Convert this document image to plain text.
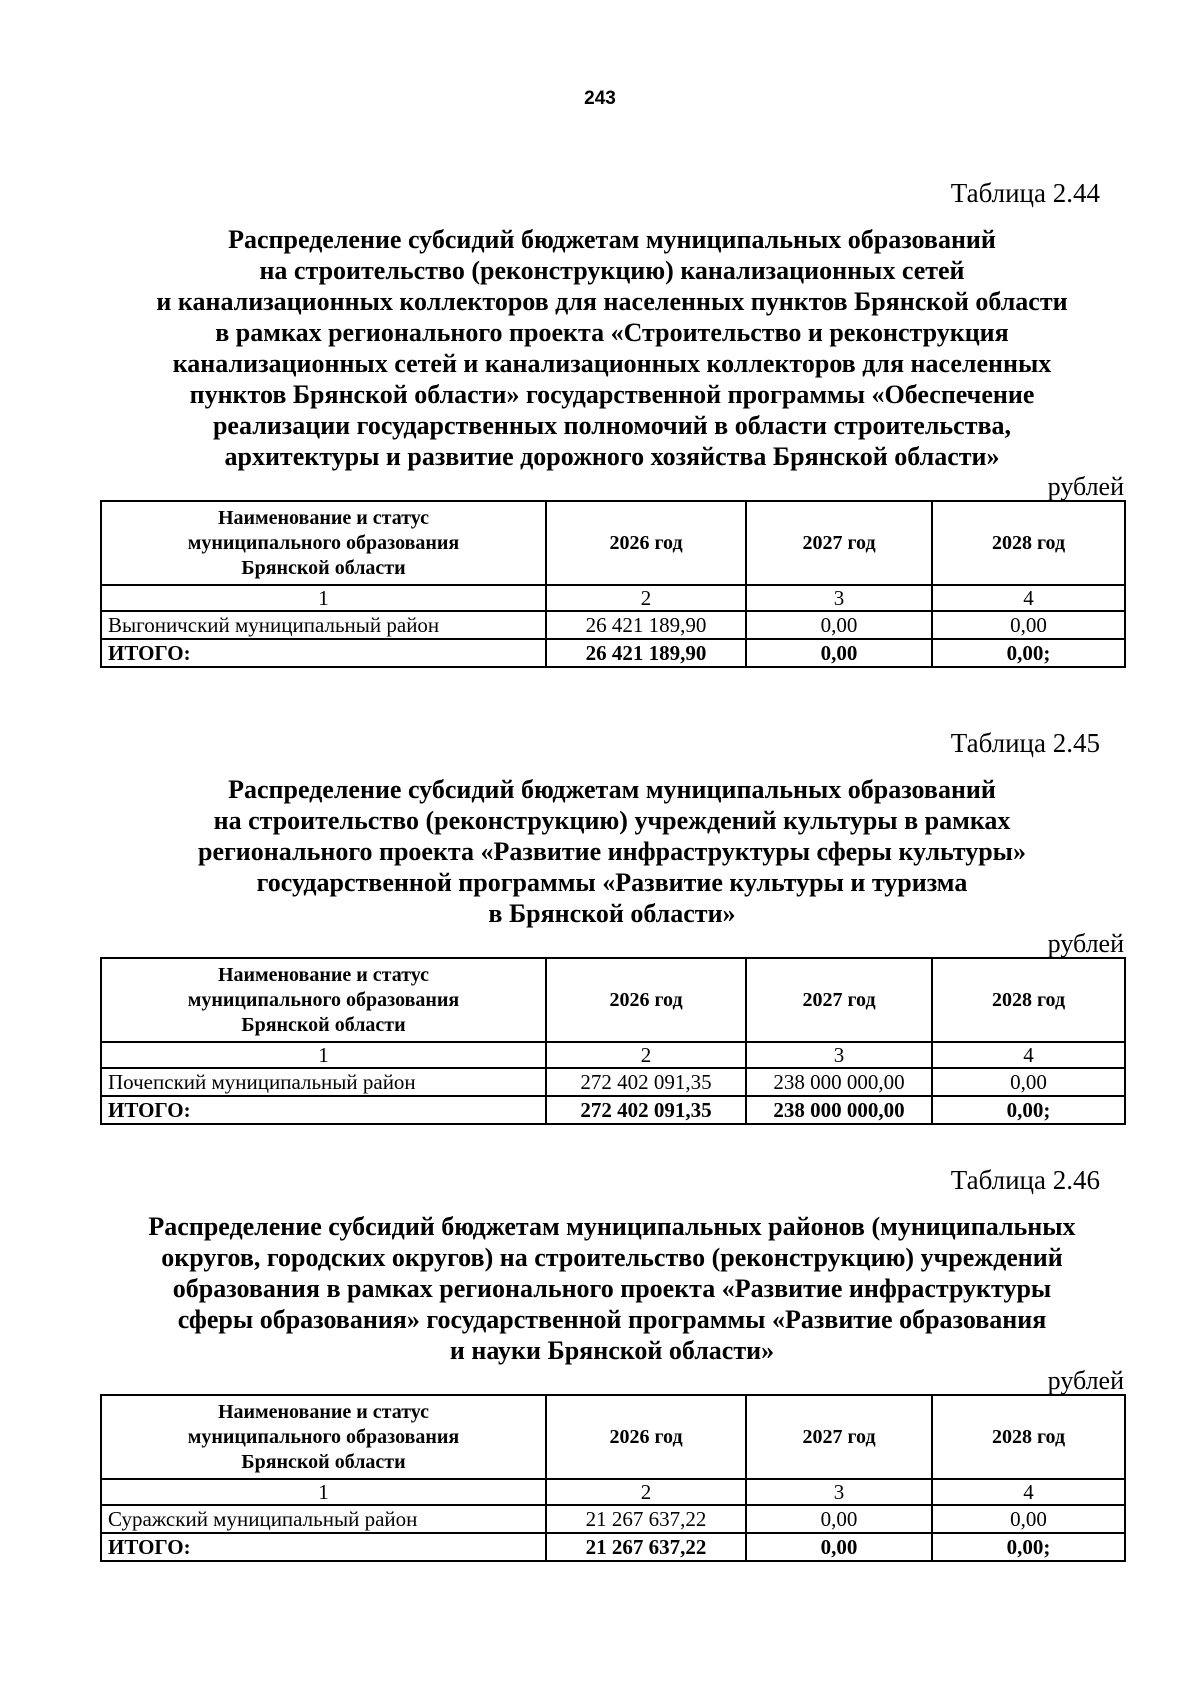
243
Таблица 2.44
Распределение субсидий бюджетам муниципальных образований
на строительство (реконструкцию) канализационных сетей
и канализационных коллекторов для населенных пунктов Брянской области
в рамках регионального проекта «Строительство и реконструкция
канализационных сетей и канализационных коллекторов для населенных
пунктов Брянской области» государственной программы «Обеспечение
реализации государственных полномочий в области строительства,
архитектуры и развитие дорожного хозяйства Брянской области»
рублей
Наименование и статус
муниципального образования
Брянской области	2026 год	2027 год	2028 год
1	2	3	4
Выгоничский муниципальный район	26 421 189,90	0,00	0,00
ИТОГО:	26 421 189,90	0,00	0,00;
Таблица 2.45
Распределение субсидий бюджетам муниципальных образований
на строительство (реконструкцию) учреждений культуры в рамках
регионального проекта «Развитие инфраструктуры сферы культуры»
государственной программы «Развитие культуры и туризма
в Брянской области»
рублей
Наименование и статус
муниципального образования
Брянской области	2026 год	2027 год	2028 год
1	2	3	4
Почепский муниципальный район	272 402 091,35	238 000 000,00	0,00
ИТОГО:	272 402 091,35	238 000 000,00	0,00;
Таблица 2.46
Распределение субсидий бюджетам муниципальных районов (муниципальных
округов, городских округов) на строительство (реконструкцию) учреждений
образования в рамках регионального проекта «Развитие инфраструктуры
сферы образования» государственной программы «Развитие образования
и науки Брянской области»
рублей
Наименование и статус
муниципального образования
Брянской области	2026 год	2027 год	2028 год
1	2	3	4
Суражский муниципальный район	21 267 637,22	0,00	0,00
ИТОГО:	21 267 637,22	0,00	0,00;
